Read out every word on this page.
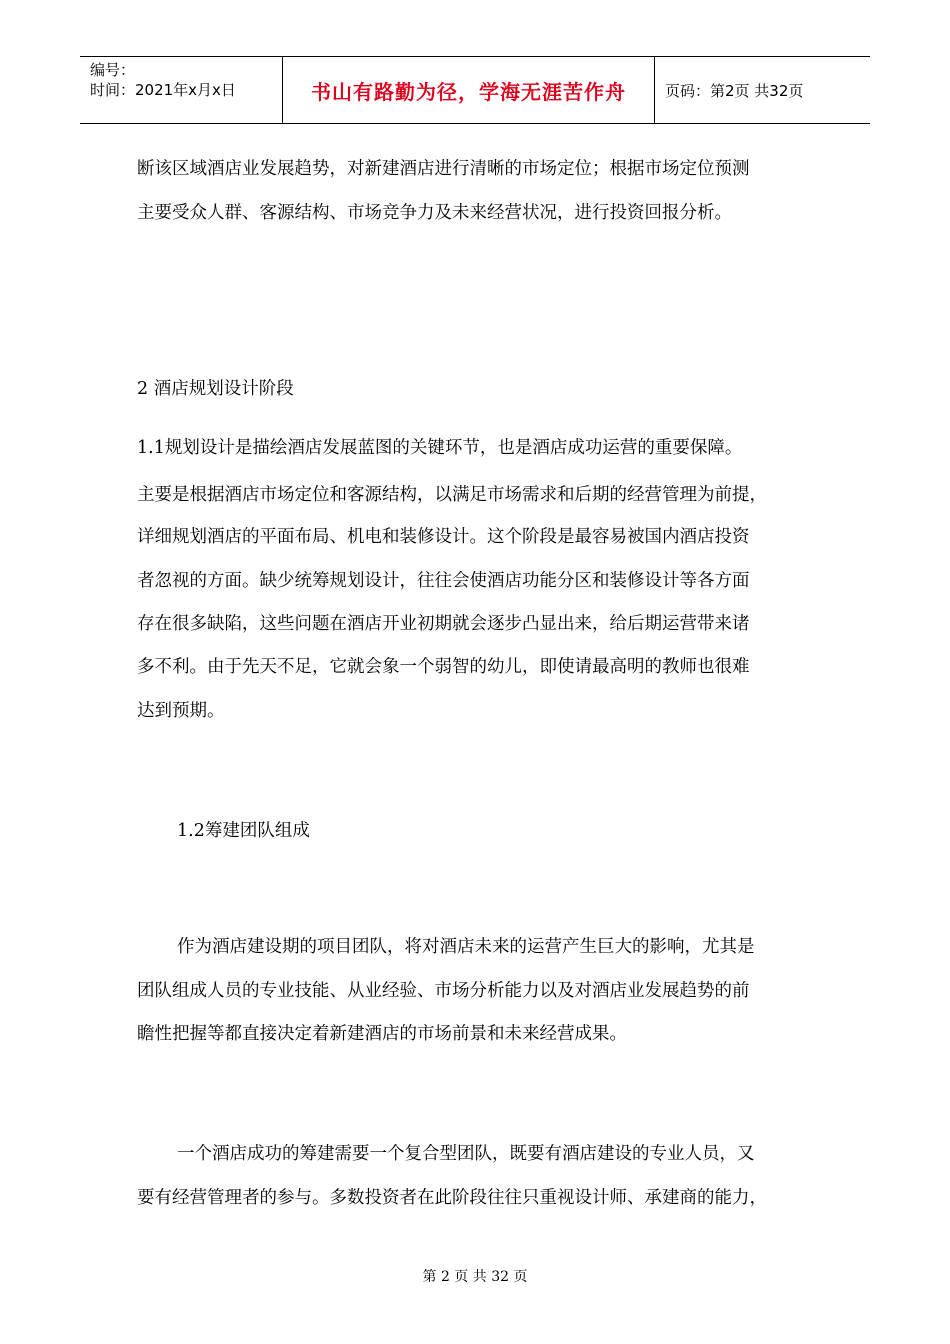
编号：
时间：2021年x月x日	书山有路勤为径，学海无涯苦作舟	页码：第2页 共32页
断该区域酒店业发展趋势，对新建酒店进行清晰的市场定位；根据市场定位预测
主要受众人群、客源结构、市场竞争力及未来经营状况，进行投资回报分析。
2 酒店规划设计阶段
1.1规划设计是描绘酒店发展蓝图的关键环节，也是酒店成功运营的重要保障。
主要是根据酒店市场定位和客源结构，以满足市场需求和后期的经营管理为前提，
详细规划酒店的平面布局、机电和装修设计。这个阶段是最容易被国内酒店投资
者忽视的方面。缺少统筹规划设计，往往会使酒店功能分区和装修设计等各方面
存在很多缺陷，这些问题在酒店开业初期就会逐步凸显出来，给后期运营带来诸
多不利。由于先天不足，它就会象一个弱智的幼儿，即使请最高明的教师也很难
达到预期。
1.2筹建团队组成
作为酒店建设期的项目团队，将对酒店未来的运营产生巨大的影响，尤其是
团队组成人员的专业技能、从业经验、市场分析能力以及对酒店业发展趋势的前
瞻性把握等都直接决定着新建酒店的市场前景和未来经营成果。
一个酒店成功的筹建需要一个复合型团队，既要有酒店建设的专业人员，又
要有经营管理者的参与。多数投资者在此阶段往往只重视设计师、承建商的能力，
第 2 页 共 32 页
